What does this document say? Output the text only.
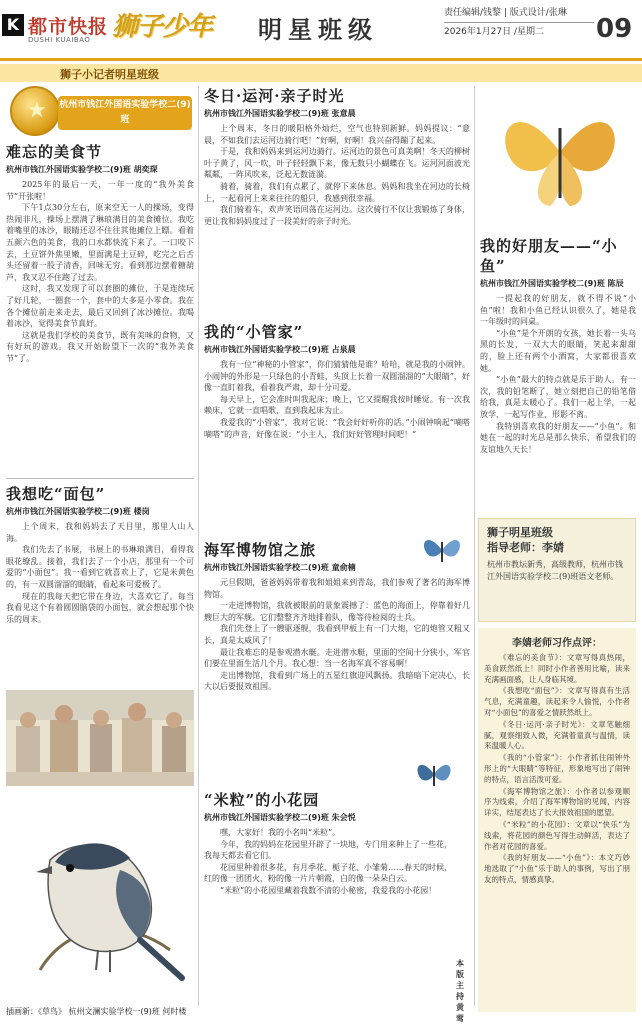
K 都市快报
DUSHI KUAIBAO 狮子少年	明星班级
责任编辑/钱黎 | 版式设计/张琳
2026年1月27日 /星期二	09
狮子小记者明星班级
★ 杭州市钱江外国语实验学校二(9)班
难忘的美食节
杭州市钱江外国语实验学校二(9)班 胡奕琛

2025年的最后一天，一年一度的“我外美食节”开张啦！

下午1点30分左右，原来空无一人的操场，变得热闹非凡，操场上摆满了琳琅满目的美食摊位。我吃着嘴里的冰沙，眼睛还忍不住往其他摊位上瞟。看着五颜六色的美食，我的口水都快流下来了。一口咬下去，土豆饼外焦里嫩，里面满是土豆碎，吃完之后舌头还留着一股子清香，回味无穷。看到那边摆着糖葫芦，我又忍不住跑了过去。

这时，我又发现了可以套圈的摊位，于是连续玩了好几轮，一圈套一个，套中的大多是小零食。我在各个摊位前走来走去，最后又回到了冰沙摊位。我喝着冰沙，觉得美食节真好。

这就是我们学校的美食节，既有美味的食物，又有好玩的游戏。我又开始盼望下一次的“我外美食节”了。

我想吃“面包”
杭州市钱江外国语实验学校二(9)班 楼岗

上个周末，我和妈妈去了天目里，那里人山人海。

我们先去了书展，书展上的书琳琅满目，看得我眼花缭乱。接着，我们去了一个小店，那里有一个可爱的“小面包”。我一看到它就喜欢上了，它是米黄色的，有一双圆溜溜的眼睛，看起来可爱极了。

现在的我每天把它带在身边，大喜欢它了。每当我看见这个有着圆圆脑袋的小面包，就会想起那个快乐的周末。

插画新：《草鸟》 杭州文澜实验学校一(9)班 何时楼
冬日·运河·亲子时光
杭州市钱江外国语实验学校二(9)班 张意晨

上个周末，冬日的暖阳格外灿烂，空气也特别新鲜。妈妈提议：“意晨，不如我们去运河边骑行吧！”好啊，好啊！我兴奋得蹦了起来。

于是，我和妈妈来到运河边骑行。运河边的景色可真美啊！冬天的柳树叶子黄了，风一吹，叶子轻轻飘下来，像无数只小蝴蝶在飞。运河河面波光粼粼，一阵风吹来，泛起无数涟漪。

骑着，骑着，我们有点累了，就停下来休息。妈妈和我坐在河边的长椅上，一起看河上来来往往的船只，我感到很幸福。

我们骑着车，欢声笑语回荡在运河边。这次骑行不仅让我锻炼了身体，更让我和妈妈度过了一段美好的亲子时光。

我的“小管家”
杭州市钱江外国语实验学校二(9)班 占泉晨

我有一位“神秘的小管家”，你们猜猜他是谁？哈哈，就是我的小闹钟。小闹钟的外形是一只绿色的小青蛙，头顶上长着一双圆溜溜的“大眼睛”，好像一直盯着我，看着我严肃，却十分可爱。

每天早上，它会准时叫我起床；晚上，它又提醒我按时睡觉。有一次我赖床，它就一直唱歌，直到我起床为止。

我爱我的“小管家”，我对它说：“我会好好听你的话。”小闹钟响起“嘀嗒嘀嗒”的声音，好像在说：“小主人，我们好好管理时间吧！”

海军博物馆之旅
杭州市钱江外国语实验学校二(9)班 童俞楠

元旦假期，爸爸妈妈带着我和姐姐来到青岛，我们参观了著名的海军博物馆。

一走进博物馆，我就被眼前的景象震撼了：蓝色的海面上，停靠着好几艘巨大的军舰。它们整整齐齐地排着队，像等待检阅的士兵。

我们先登上了一艘驱逐舰，我看到甲板上有一门大炮，它的炮管又粗又长，真是太威风了！

最让我难忘的是参观潜水艇。走进潜水艇，里面的空间十分狭小，军官们要在里面生活几个月。我心想：当一名海军真不容易啊！

走出博物馆，我看到广场上的五星红旗迎风飘扬。我暗暗下定决心，长大以后要报效祖国。

“米粒”的小花园
杭州市钱江外国语实验学校二(9)班 朱会悦

嘿，大家好！我的小名叫“米粒”。

今年，我的妈妈在花园里开辟了一块地，专门用来种上了一些花，我每天都去看它们。

花园里种着很多花，有月季花、栀子花、小雏菊……春天的时候，红的像一团团火，粉的像一片片朝霞，白的像一朵朵白云。

“米粒”的小花园里藏着我数不清的小秘密，我爱我的小花园！

本版主持 黄莺
我的好朋友——“小鱼”
杭州市钱江外国语实验学校二(9)班 陈辰

一提起我的好朋友，就不得不说“小鱼”啦！我和小鱼已经认识很久了，她是我一年级时的同桌。

“小鱼”是个开朗的女孩，她长着一头乌黑的长发，一双大大的眼睛，笑起来甜甜的，脸上还有两个小酒窝，大家都很喜欢她。

“小鱼”最大的特点就是乐于助人。有一次，我的铅笔断了，她立刻把自己的铅笔借给我，真是太暖心了。我们一起上学，一起放学，一起写作业，形影不离。

我特别喜欢我的好朋友——“小鱼”。和她在一起的时光总是那么快乐，希望我们的友谊地久天长！

狮子明星班级
指导老师：李婧

杭州市教坛新秀，高级教师，杭州市钱江外国语实验学校二(9)班语文老师。

李婧老师习作点评：

《难忘的美食节》：文章写得真热闹，美食跃然纸上！同时小作者善用比喻，读来充满画面感，让人身临其境。

《我想吃“面包”》：文章写得真有生活气息，充满童趣，读起来令人愉悦，小作者对“小面包”的喜爱之情跃然纸上。

《冬日·运河·亲子时光》：文章笔触细腻，观察细致入微，充满着童真与温情，读来温暖人心。

《我的“小管家”》：小作者抓住闹钟外形上的“大眼睛”等特征，形象地写出了闹钟的特点，语言活泼可爱。

《海军博物馆之旅》：小作者以参观顺序为线索，介绍了海军博物馆的见闻，内容详实，结尾表达了长大报效祖国的愿望。

《“米粒”的小花园》：文章以“快乐”为线索，将花园的颜色写得生动鲜活，表达了作者对花园的喜爱。

《我的好朋友——“小鱼”》：本文巧妙地选取了“小鱼”乐于助人的事例，写出了朋友的特点，情感真挚。
